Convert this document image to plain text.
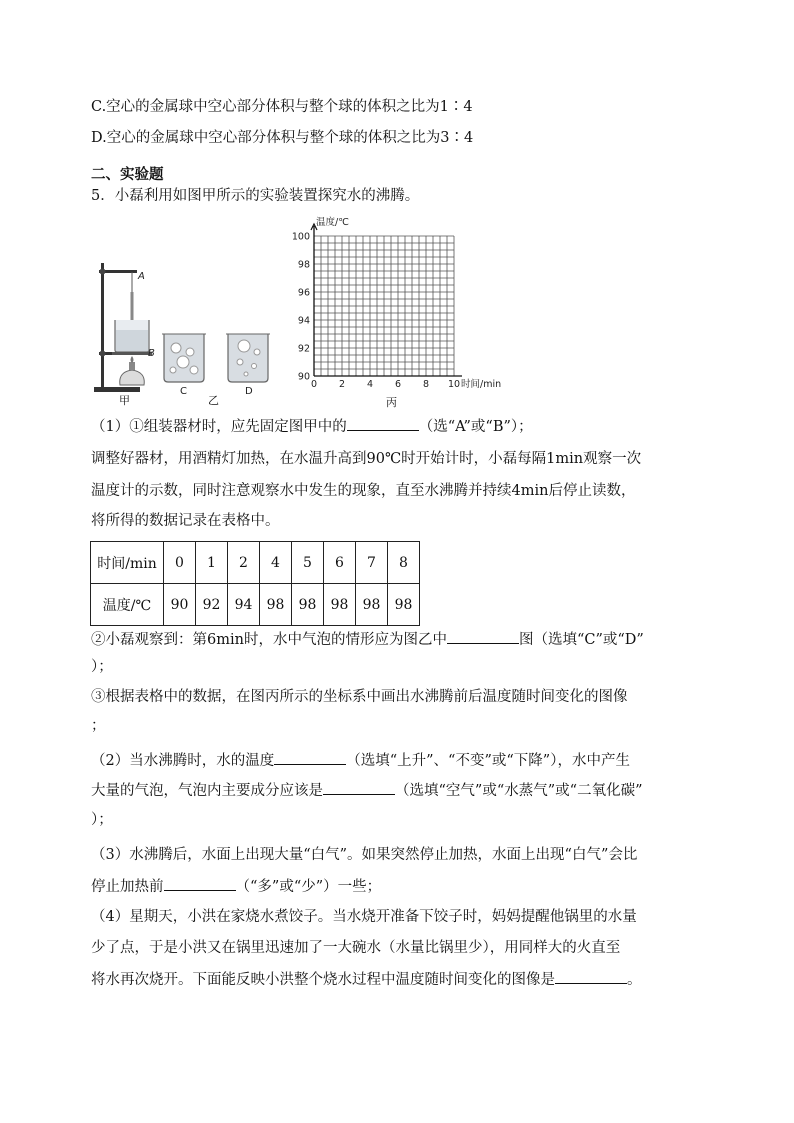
C.空心的金属球中空心部分体积与整个球的体积之比为1∶4
D.空心的金属球中空心部分体积与整个球的体积之比为3∶4
二、实验题
5．小磊利用如图甲所示的实验装置探究水的沸腾。
A
B
甲
C	D
乙
温度/℃
时间/min
0 2 4 6 8 10
90
92
94
96
98
100
丙
（1）①组装器材时，应先固定图甲中的	（选“A”或“B”）；
调整好器材，用酒精灯加热，在水温升高到90℃时开始计时，小磊每隔1min观察一次
温度计的示数，同时注意观察水中发生的现象，直至水沸腾并持续4min后停止读数，
将所得的数据记录在表格中。
时间/min	0	1	2	4	5	6	7	8
温度/℃	90	92	94	98	98	98	98	98
②小磊观察到：第6min时，水中气泡的情形应为图乙中	图（选填“C”或“D”
）；
③根据表格中的数据，在图丙所示的坐标系中画出水沸腾前后温度随时间变化的图像
；
（2）当水沸腾时，水的温度	（选填“上升”、“不变”或“下降”），水中产生
大量的气泡，气泡内主要成分应该是	（选填“空气”或“水蒸气”或“二氧化碳”
）；
（3）水沸腾后，水面上出现大量“白气”。如果突然停止加热，水面上出现“白气”会比
停止加热前	（“多”或“少”）一些；
（4）星期天，小洪在家烧水煮饺子。当水烧开准备下饺子时，妈妈提醒他锅里的水量
少了点，于是小洪又在锅里迅速加了一大碗水（水量比锅里少），用同样大的火直至
将水再次烧开。下面能反映小洪整个烧水过程中温度随时间变化的图像是	。
